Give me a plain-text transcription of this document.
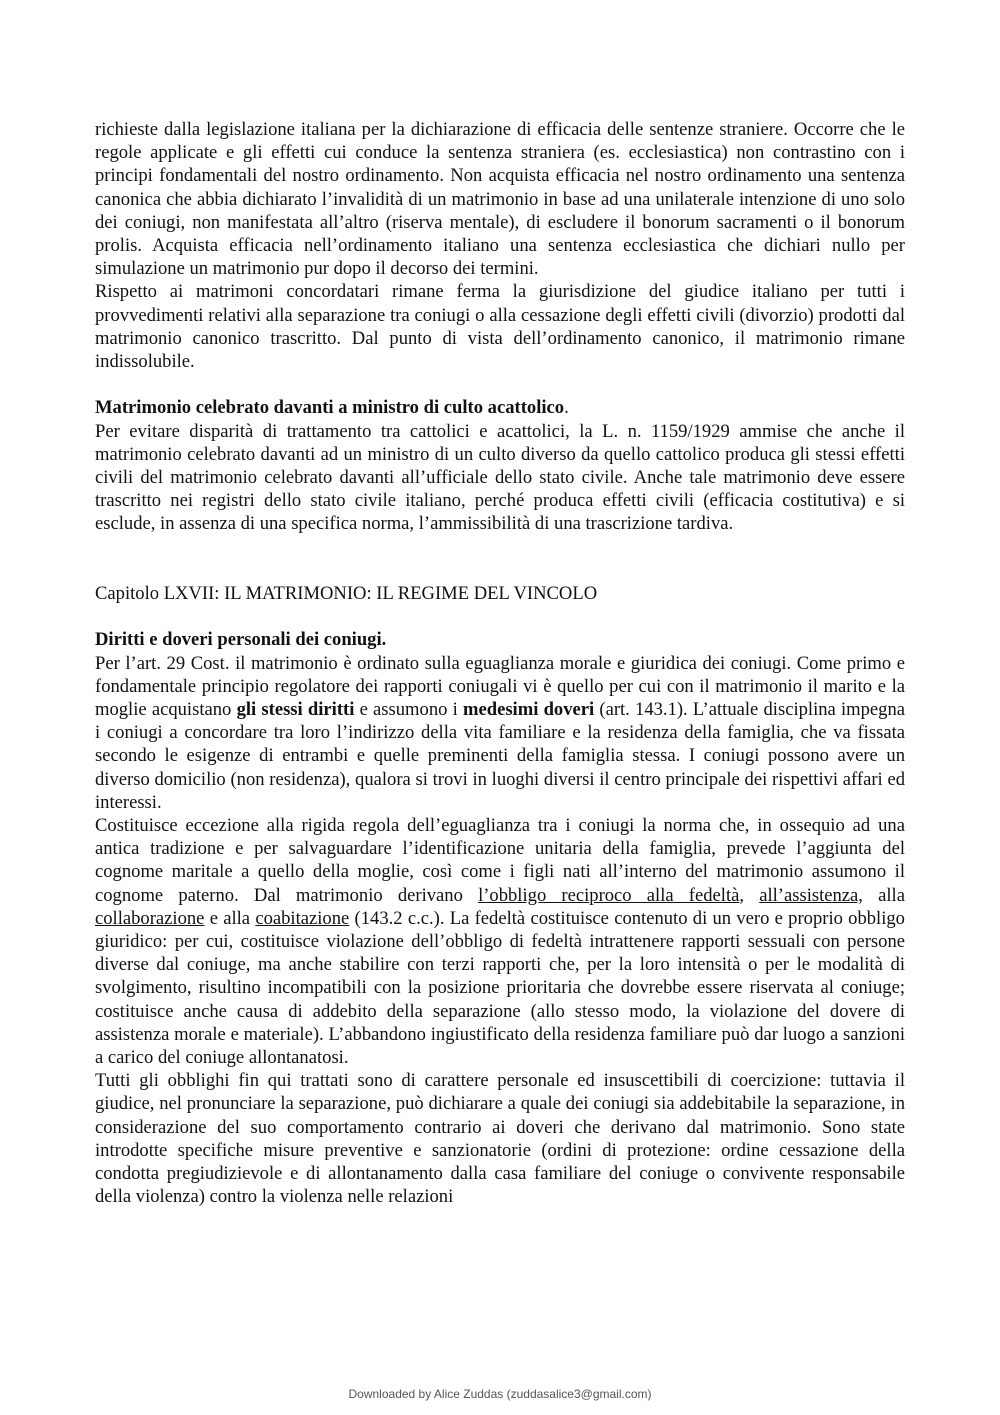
richieste dalla legislazione italiana per la dichiarazione di efficacia delle sentenze straniere. Occorre che le regole applicate e gli effetti cui conduce la sentenza straniera (es. ecclesiastica) non contrastino con i principi fondamentali del nostro ordinamento. Non acquista efficacia nel nostro ordinamento una sentenza canonica che abbia dichiarato l’invalidità di un matrimonio in base ad una unilaterale intenzione di uno solo dei coniugi, non manifestata all’altro (riserva mentale), di escludere il bonorum sacramenti o il bonorum prolis. Acquista efficacia nell’ordinamento italiano una sentenza ecclesiastica che dichiari nullo per simulazione un matrimonio pur dopo il decorso dei termini.

Rispetto ai matrimoni concordatari rimane ferma la giurisdizione del giudice italiano per tutti i provvedimenti relativi alla separazione tra coniugi o alla cessazione degli effetti civili (divorzio) prodotti dal matrimonio canonico trascritto. Dal punto di vista dell’ordinamento canonico, il matrimonio rimane indissolubile.

Matrimonio celebrato davanti a ministro di culto acattolico.

Per evitare disparità di trattamento tra cattolici e acattolici, la L. n. 1159/1929 ammise che anche il matrimonio celebrato davanti ad un ministro di un culto diverso da quello cattolico produca gli stessi effetti civili del matrimonio celebrato davanti all’ufficiale dello stato civile. Anche tale matrimonio deve essere trascritto nei registri dello stato civile italiano, perché produca effetti civili (efficacia costitutiva) e si esclude, in assenza di una specifica norma, l’ammissibilità di una trascrizione tardiva.

Capitolo LXVII: IL MATRIMONIO: IL REGIME DEL VINCOLO

Diritti e doveri personali dei coniugi.

Per l’art. 29 Cost. il matrimonio è ordinato sulla eguaglianza morale e giuridica dei coniugi. Come primo e fondamentale principio regolatore dei rapporti coniugali vi è quello per cui con il matrimonio il marito e la moglie acquistano gli stessi diritti e assumono i medesimi doveri (art. 143.1). L’attuale disciplina impegna i coniugi a concordare tra loro l’indirizzo della vita familiare e la residenza della famiglia, che va fissata secondo le esigenze di entrambi e quelle preminenti della famiglia stessa. I coniugi possono avere un diverso domicilio (non residenza), qualora si trovi in luoghi diversi il centro principale dei rispettivi affari ed interessi.

Costituisce eccezione alla rigida regola dell’eguaglianza tra i coniugi la norma che, in ossequio ad una antica tradizione e per salvaguardare l’identificazione unitaria della famiglia, prevede l’aggiunta del cognome maritale a quello della moglie, così come i figli nati all’interno del matrimonio assumono il cognome paterno. Dal matrimonio derivano l’obbligo reciproco alla fedeltà, all’assistenza, alla collaborazione e alla coabitazione (143.2 c.c.). La fedeltà costituisce contenuto di un vero e proprio obbligo giuridico: per cui, costituisce violazione dell’obbligo di fedeltà intrattenere rapporti sessuali con persone diverse dal coniuge, ma anche stabilire con terzi rapporti che, per la loro intensità o per le modalità di svolgimento, risultino incompatibili con la posizione prioritaria che dovrebbe essere riservata al coniuge; costituisce anche causa di addebito della separazione (allo stesso modo, la violazione del dovere di assistenza morale e materiale). L’abbandono ingiustificato della residenza familiare può dar luogo a sanzioni a carico del coniuge allontanatosi.

Tutti gli obblighi fin qui trattati sono di carattere personale ed insuscettibili di coercizione: tuttavia il giudice, nel pronunciare la separazione, può dichiarare a quale dei coniugi sia addebitabile la separazione, in considerazione del suo comportamento contrario ai doveri che derivano dal matrimonio. Sono state introdotte specifiche misure preventive e sanzionatorie (ordini di protezione: ordine cessazione della condotta pregiudizievole e di allontanamento dalla casa familiare del coniuge o convivente responsabile della violenza) contro la violenza nelle relazioni

Downloaded by Alice Zuddas (zuddasalice3@gmail.com)
